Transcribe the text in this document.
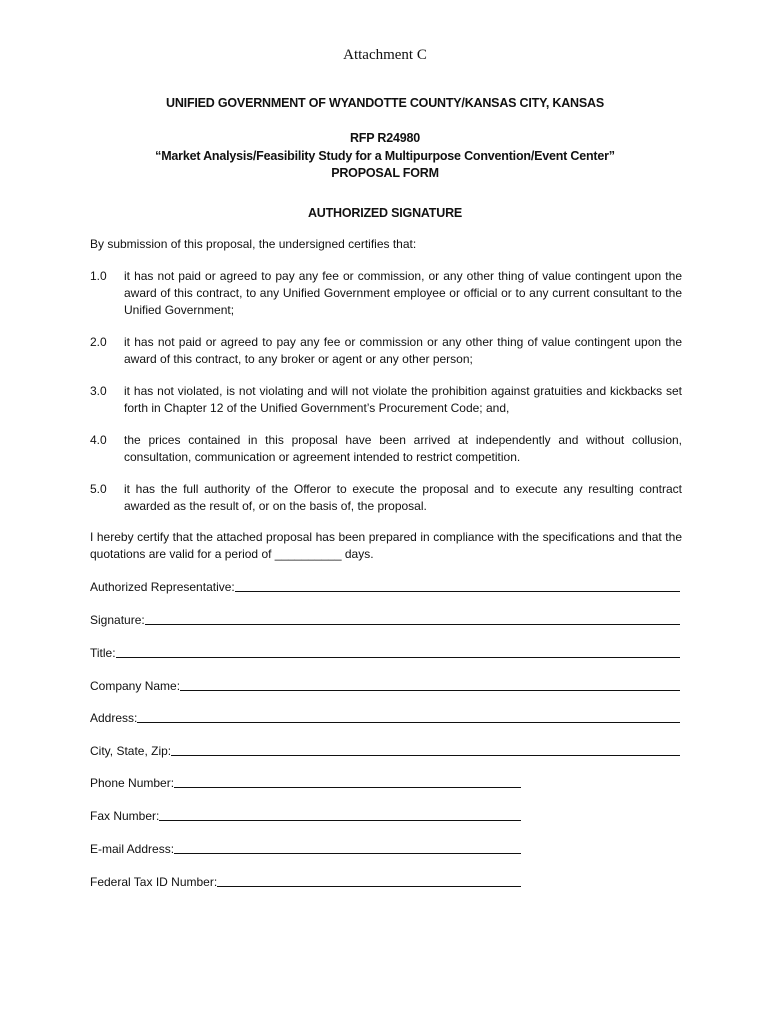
Attachment C
UNIFIED GOVERNMENT OF WYANDOTTE COUNTY/KANSAS CITY, KANSAS
RFP R24980
“Market Analysis/Feasibility Study for a Multipurpose Convention/Event Center”
PROPOSAL FORM
AUTHORIZED SIGNATURE
By submission of this proposal, the undersigned certifies that:
1.0	it has not paid or agreed to pay any fee or commission, or any other thing of value contingent upon the award of this contract, to any Unified Government employee or official or to any current consultant to the Unified Government;
2.0	it has not paid or agreed to pay any fee or commission or any other thing of value contingent upon the award of this contract, to any broker or agent or any other person;
3.0	it has not violated, is not violating and will not violate the prohibition against gratuities and kickbacks set forth in Chapter 12 of the Unified Government’s Procurement Code; and,
4.0	the prices contained in this proposal have been arrived at independently and without collusion, consultation, communication or agreement intended to restrict competition.
5.0	it has the full authority of the Offeror to execute the proposal and to execute any resulting contract awarded as the result of, or on the basis of, the proposal.
I hereby certify that the attached proposal has been prepared in compliance with the specifications and that the quotations are valid for a period of __________ days.
Authorized Representative:
Signature:
Title:
Company Name:
Address:
City, State, Zip:
Phone Number:
Fax Number:
E-mail Address:
Federal Tax ID Number:
